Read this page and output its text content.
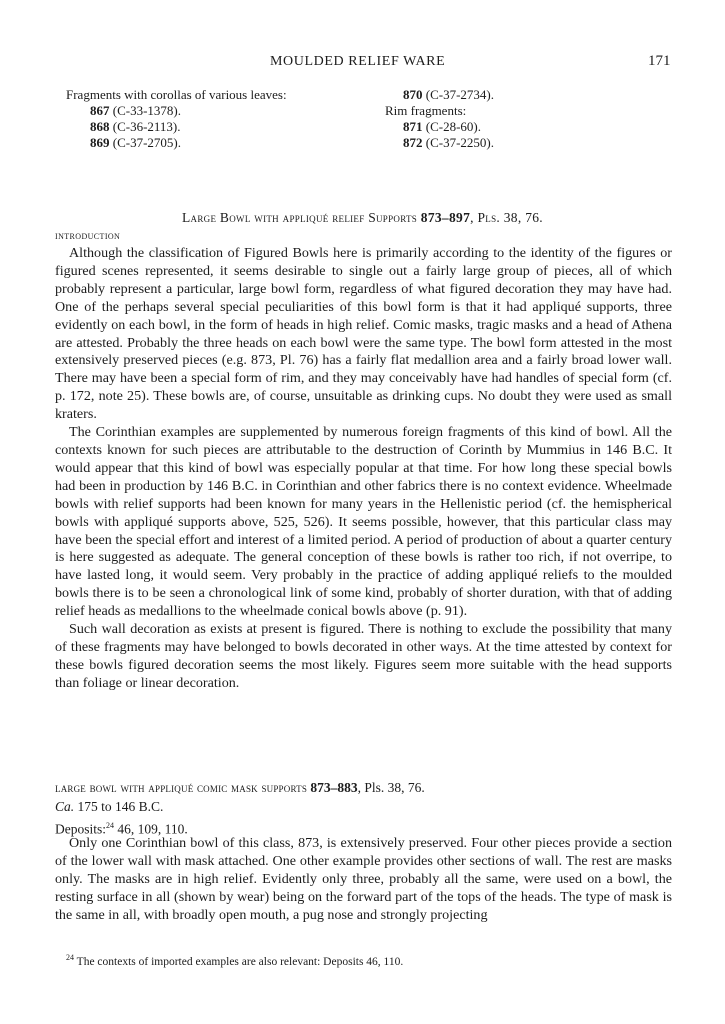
MOULDED RELIEF WARE	171
Fragments with corollas of various leaves:
867 (C-33-1378).
868 (C-36-2113).
869 (C-37-2705).
870 (C-37-2734).
Rim fragments:
871 (C-28-60).
872 (C-37-2250).
Large Bowl with appliqué relief Supports 873–897, Pls. 38, 76.
introduction

Although the classification of Figured Bowls here is primarily according to the identity of the figures or figured scenes represented, it seems desirable to single out a fairly large group of pieces, all of which probably represent a particular, large bowl form, regardless of what figured decoration they may have had. One of the perhaps several special peculiarities of this bowl form is that it had appliqué supports, three evidently on each bowl, in the form of heads in high relief. Comic masks, tragic masks and a head of Athena are attested. Probably the three heads on each bowl were the same type. The bowl form attested in the most extensively preserved pieces (e.g. 873, Pl. 76) has a fairly flat medallion area and a fairly broad lower wall. There may have been a special form of rim, and they may conceivably have had handles of special form (cf. p. 172, note 25). These bowls are, of course, unsuitable as drinking cups. No doubt they were used as small kraters.

The Corinthian examples are supplemented by numerous foreign fragments of this kind of bowl. All the contexts known for such pieces are attributable to the destruction of Corinth by Mummius in 146 B.C. It would appear that this kind of bowl was especially popular at that time. For how long these special bowls had been in production by 146 B.C. in Corinthian and other fabrics there is no context evidence. Wheelmade bowls with relief supports had been known for many years in the Hellenistic period (cf. the hemispherical bowls with appliqué supports above, 525, 526). It seems possible, however, that this particular class may have been the special effort and interest of a limited period. A period of production of about a quarter century is here suggested as adequate. The general conception of these bowls is rather too rich, if not overripe, to have lasted long, it would seem. Very probably in the practice of adding appliqué reliefs to the moulded bowls there is to be seen a chronological link of some kind, probably of shorter duration, with that of adding relief heads as medallions to the wheelmade conical bowls above (p. 91).

Such wall decoration as exists at present is figured. There is nothing to exclude the possibility that many of these fragments may have belonged to bowls decorated in other ways. At the time attested by context for these bowls figured decoration seems the most likely. Figures seem more suitable with the head supports than foliage or linear decoration.

large bowl with appliqué comic mask supports 873–883, Pls. 38, 76.
Ca. 175 to 146 B.C.
Deposits:$^{24}$ 46, 109, 110.

Only one Corinthian bowl of this class, 873, is extensively preserved. Four other pieces provide a section of the lower wall with mask attached. One other example provides other sections of wall. The rest are masks only. The masks are in high relief. Evidently only three, probably all the same, were used on a bowl, the resting surface in all (shown by wear) being on the forward part of the tops of the heads. The type of mask is the same in all, with broadly open mouth, a pug nose and strongly projecting

$^{24}$ The contexts of imported examples are also relevant: Deposits 46, 110.
